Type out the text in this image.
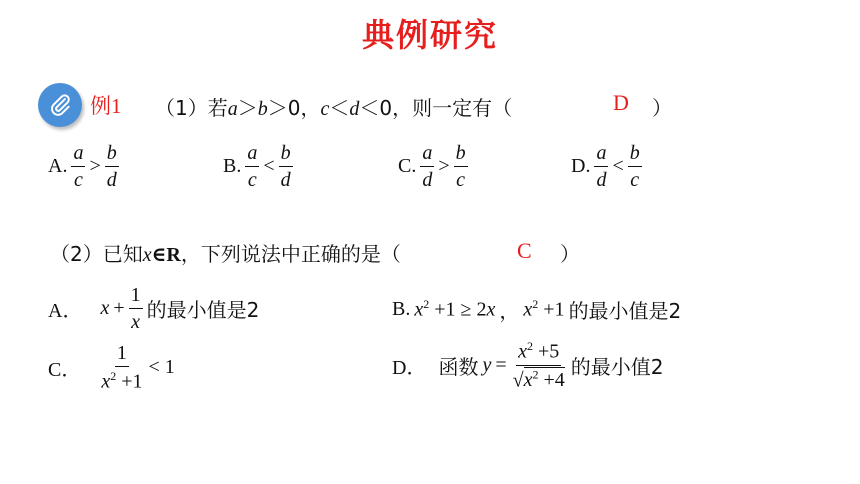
典例研究
例1 （1）若a＞b＞0，c＜d＜0，则一定有（	D ）
A. $\frac{a}{c} > \frac{b}{d}$	B. $\frac{a}{c} < \frac{b}{d}$	C. $\frac{a}{d} > \frac{b}{c}$	D. $\frac{a}{d} < \frac{b}{c}$
（2）已知x∈R，下列说法中正确的是（	C ）
A． $x + \frac{1}{x}$ 的最小值是2	B. $x^2 +1 \ge 2x$ ， $x^2 +1$ 的最小值是2
C． $\frac{1}{x^2 +1} < 1$	D． 函数 $y = \frac{x^2 +5}{√x^2 +4}$ 的最小值2
